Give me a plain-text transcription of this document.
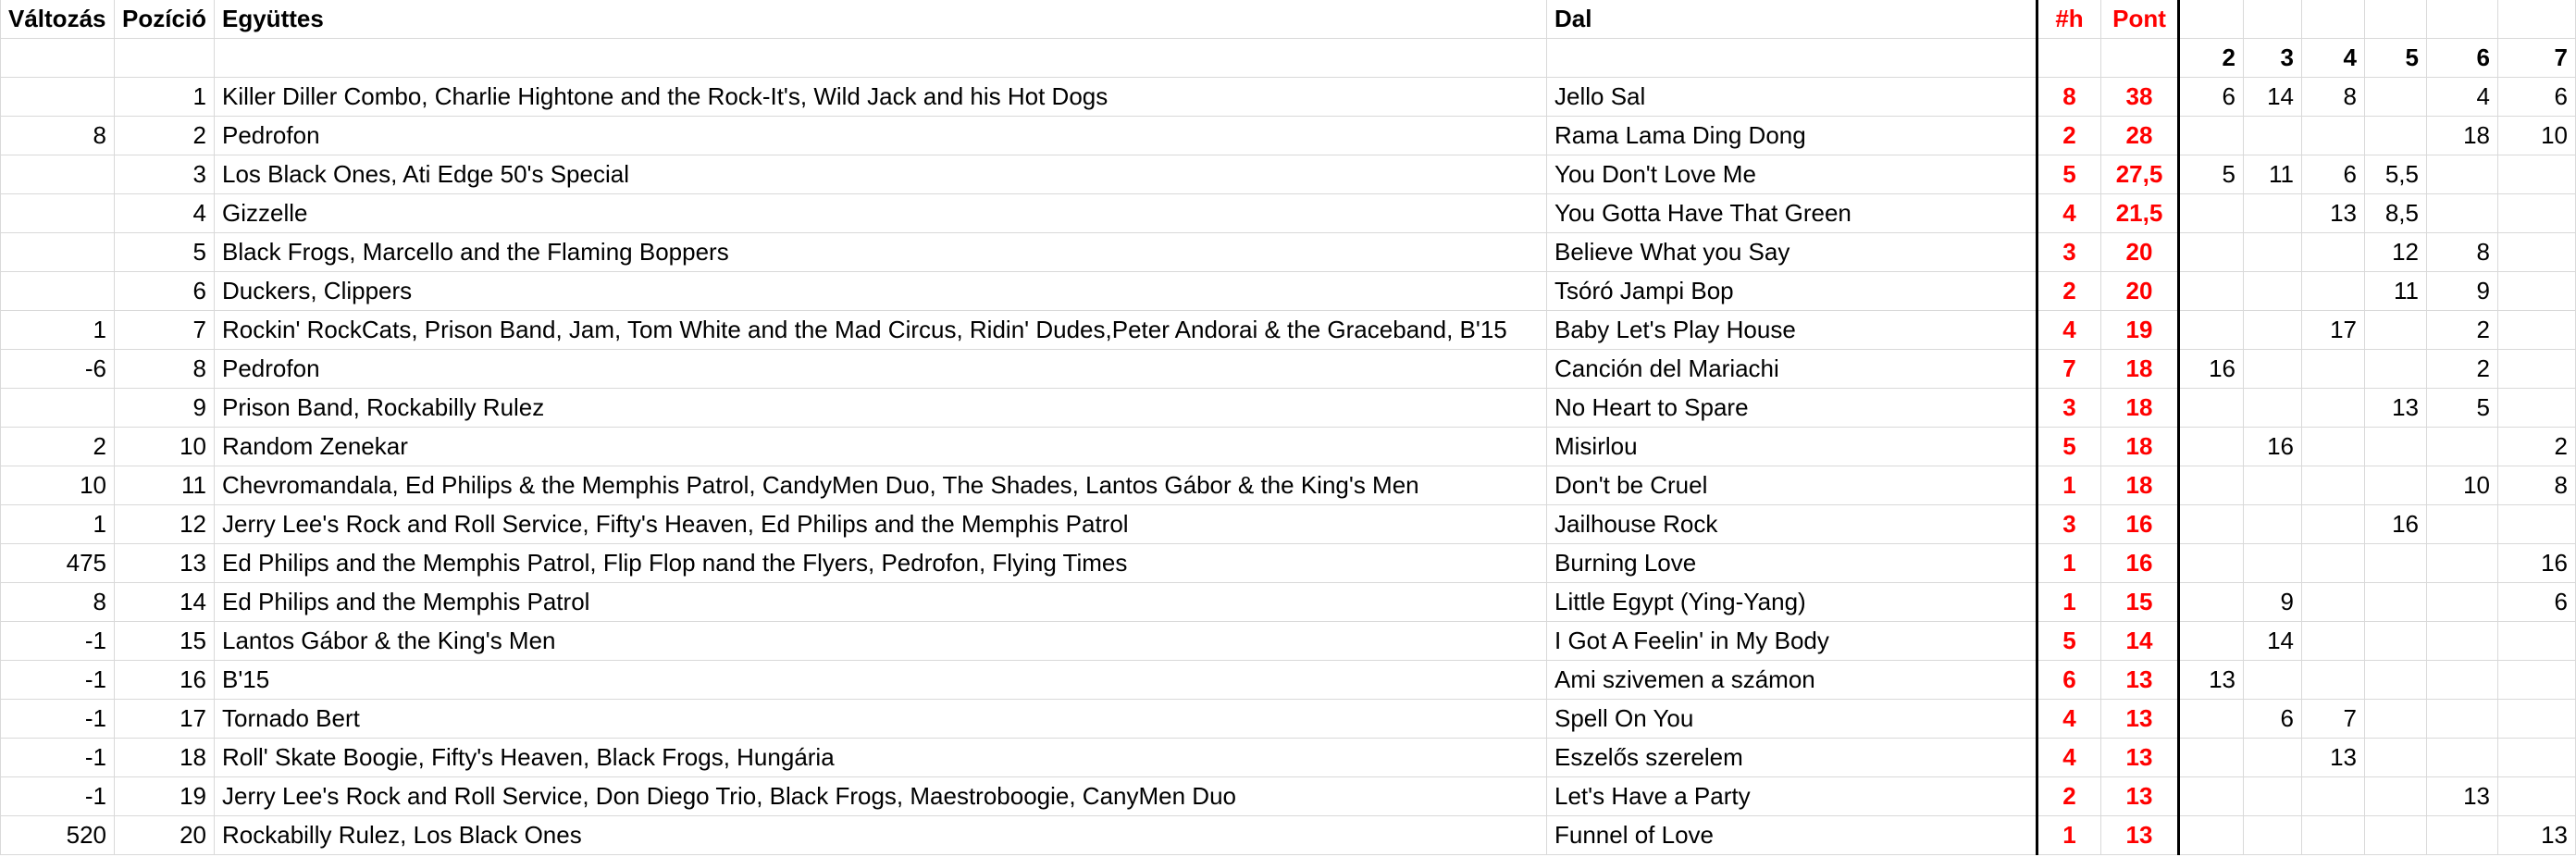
Változás	Pozíció	Együttes	Dal	#h	Pont						
						2	3	4	5	6	7
	1	Killer Diller Combo, Charlie Hightone and the Rock-It's, Wild Jack and his Hot Dogs	Jello Sal	8	38	6	14	8		4	6
8	2	Pedrofon	Rama Lama Ding Dong	2	28					18	10
	3	Los Black Ones, Ati Edge 50's Special	You Don't Love Me	5	27,5	5	11	6	5,5		
	4	Gizzelle	You Gotta Have That Green	4	21,5			13	8,5		
	5	Black Frogs, Marcello and the Flaming Boppers	Believe What you Say	3	20				12	8	
	6	Duckers, Clippers	Tsóró Jampi Bop	2	20				11	9	
1	7	Rockin' RockCats, Prison Band, Jam, Tom White and the Mad Circus, Ridin' Dudes,Peter Andorai & the Graceband, B'15	Baby Let's Play House	4	19			17		2	
-6	8	Pedrofon	Canción del Mariachi	7	18	16				2	
	9	Prison Band, Rockabilly Rulez	No Heart to Spare	3	18				13	5	
2	10	Random Zenekar	Misirlou	5	18		16				2
10	11	Chevromandala, Ed Philips & the Memphis Patrol, CandyMen Duo, The Shades, Lantos Gábor & the King's Men	Don't be Cruel	1	18					10	8
1	12	Jerry Lee's Rock and Roll Service, Fifty's Heaven, Ed Philips and the Memphis Patrol	Jailhouse Rock	3	16				16		
475	13	Ed Philips and the Memphis Patrol, Flip Flop nand the Flyers, Pedrofon, Flying Times	Burning Love	1	16						16
8	14	Ed Philips and the Memphis Patrol	Little Egypt (Ying-Yang)	1	15		9				6
-1	15	Lantos Gábor & the King's Men	I Got A Feelin' in My Body	5	14		14				
-1	16	B'15	Ami szivemen a számon	6	13	13					
-1	17	Tornado Bert	Spell On You	4	13		6	7			
-1	18	Roll' Skate Boogie, Fifty's Heaven, Black Frogs, Hungária	Eszelős szerelem	4	13			13			
-1	19	Jerry Lee's Rock and Roll Service, Don Diego Trio, Black Frogs, Maestroboogie, CanyMen Duo	Let's Have a Party	2	13					13	
520	20	Rockabilly Rulez, Los Black Ones	Funnel of Love	1	13						13
